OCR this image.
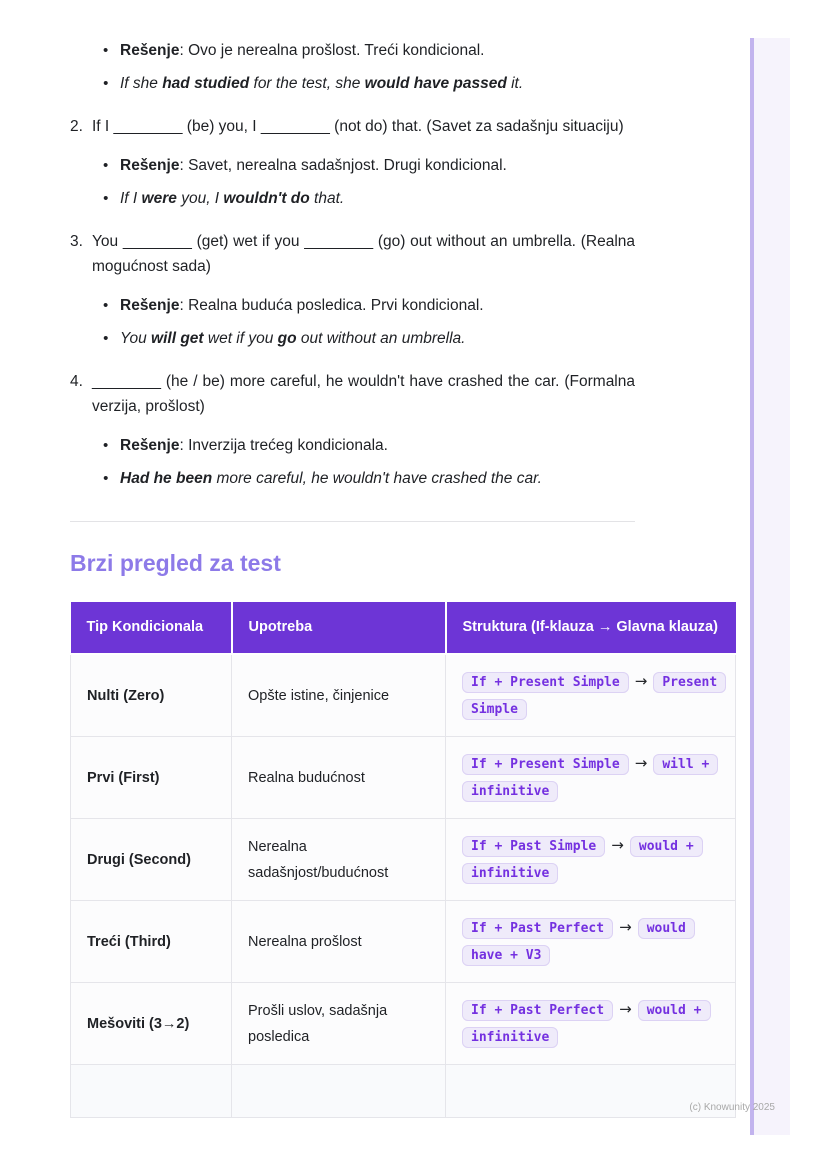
• Rešenje: Ovo je nerealna prošlost. Treći kondicional.
• If she had studied for the test, she would have passed it.
2. If I ________ (be) you, I ________ (not do) that. (Savet za sadašnju situaciju)
• Rešenje: Savet, nerealna sadašnjost. Drugi kondicional.
• If I were you, I wouldn't do that.
3. You ________ (get) wet if you ________ (go) out without an umbrella. (Realna mogućnost sada)
• Rešenje: Realna buduća posledica. Prvi kondicional.
• You will get wet if you go out without an umbrella.
4. ________ (he / be) more careful, he wouldn't have crashed the car. (Formalna verzija, prošlost)
• Rešenje: Inverzija trećeg kondicionala.
• Had he been more careful, he wouldn't have crashed the car.
Brzi pregled za test
Tip Kondicionala	Upotreba	Struktura (If-klauza → Glavna klauza)
Nulti (Zero)	Opšte istine, činjenice	If + Present Simple → Present Simple
Prvi (First)	Realna budućnost	If + Present Simple → will + infinitive
Drugi (Second)	Nerealna sadašnjost/budućnost	If + Past Simple → would + infinitive
Treći (Third)	Nerealna prošlost	If + Past Perfect → would have + V3
Mešoviti (3→2)	Prošli uslov, sadašnja posledica	If + Past Perfect → would + infinitive

(c) Knowunity 2025
